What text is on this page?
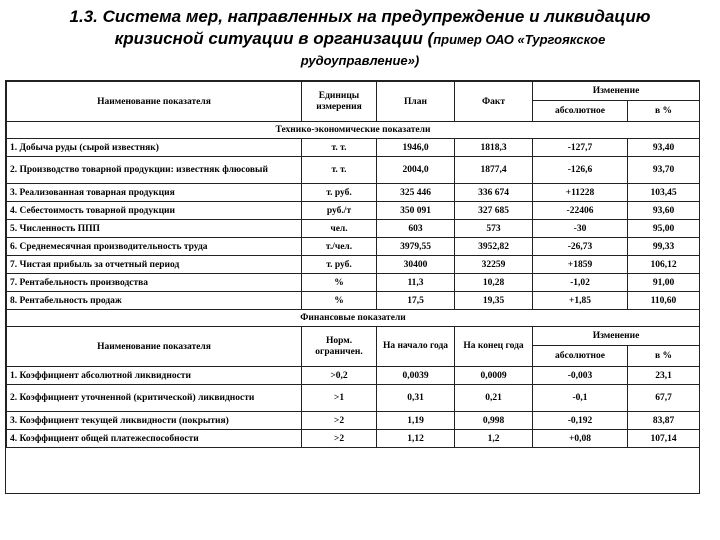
1.3. Система мер, направленных на предупреждение и ликвидацию
кризисной ситуации в организации (пример ОАО «Тургоякское
рудоуправление»)
Наименование показателя	Единицы измерения	План	Факт	Изменение	
				абсолютное	в %
Технико-экономические показатели					
1. Добыча руды (сырой известняк)	т. т.	1946,0	1818,3	-127,7	93,40
2. Производство товарной продукции: известняк флюсовый	т. т.	2004,0	1877,4	-126,6	93,70
3. Реализованная товарная продукция	т. руб.	325 446	336 674	+11228	103,45
4. Себестоимость товарной продукции	руб./т	350 091	327 685	-22406	93,60
5. Численность ППП	чел.	603	573	-30	95,00
6. Среднемесячная производительность труда	т./чел.	3979,55	3952,82	-26,73	99,33
7. Чистая прибыль за отчетный период	т. руб.	30400	32259	+1859	106,12
7. Рентабельность производства	%	11,3	10,28	-1,02	91,00
8. Рентабельность продаж	%	17,5	19,35	+1,85	110,60
Финансовые показатели					
Наименование показателя	Норм. ограничен.	На начало года	На конец года	Изменение	
				абсолютное	в %
1. Коэффициент абсолютной ликвидности	>0,2	0,0039	0,0009	-0,003	23,1
2. Коэффициент уточненной (критической) ликвидности	>1	0,31	0,21	-0,1	67,7
3. Коэффициент текущей ликвидности (покрытия)	>2	1,19	0,998	-0,192	83,87
4. Коэффициент общей платежеспособности	>2	1,12	1,2	+0,08	107,14
